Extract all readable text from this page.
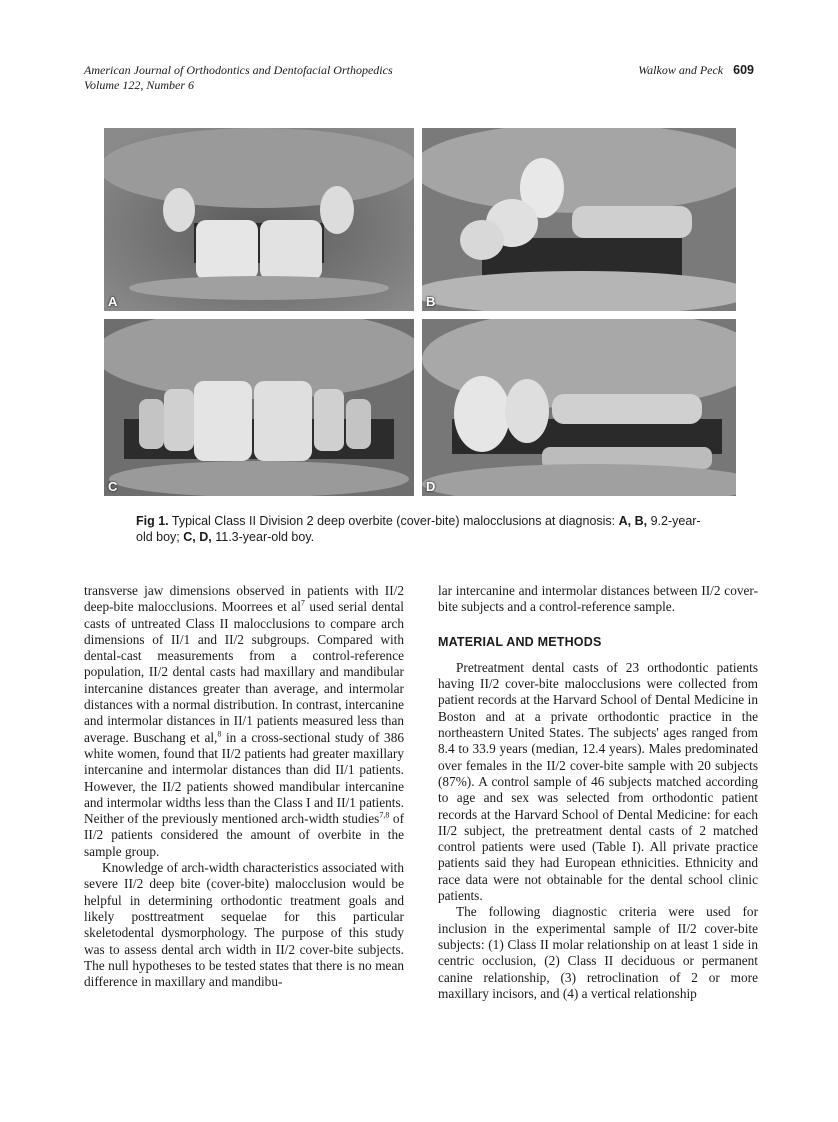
American Journal of Orthodontics and Dentofacial Orthopedics
Volume 122, Number 6
Walkow and Peck 609
A	B
C	D
Fig 1. Typical Class II Division 2 deep overbite (cover-bite) malocclusions at diagnosis: A, B, 9.2-year-old boy; C, D, 11.3-year-old boy.

transverse jaw dimensions observed in patients with II/2 deep-bite malocclusions. Moorrees et $al^7$ used serial dental casts of untreated Class II malocclusions to compare arch dimensions of II/1 and II/2 subgroups. Compared with dental-cast measurements from a control-reference population, II/2 dental casts had maxillary and mandibular intercanine distances greater than average, and intermolar distances with a normal distribution. In contrast, intercanine and intermolar distances in II/1 patients measured less than average. Buschang et al,$^8$ in a cross-sectional study of 386 white women, found that II/2 patients had greater maxillary intercanine and intermolar distances than did II/1 patients. However, the II/2 patients showed mandibular intercanine and intermolar widths less than the Class I and II/1 patients. Neither of the previously mentioned arch-width studies$^{7,8}$ of II/2 patients considered the amount of overbite in the sample group.

Knowledge of arch-width characteristics associated with severe II/2 deep bite (cover-bite) malocclusion would be helpful in determining orthodontic treatment goals and likely posttreatment sequelae for this particular skeletodental dysmorphology. The purpose of this study was to assess dental arch width in II/2 cover-bite subjects. The null hypotheses to be tested states that there is no mean difference in maxillary and mandibu-

lar intercanine and intermolar distances between II/2 cover-bite subjects and a control-reference sample.

MATERIAL AND METHODS

Pretreatment dental casts of 23 orthodontic patients having II/2 cover-bite malocclusions were collected from patient records at the Harvard School of Dental Medicine in Boston and at a private orthodontic practice in the northeastern United States. The subjects' ages ranged from 8.4 to 33.9 years (median, 12.4 years). Males predominated over females in the II/2 cover-bite sample with 20 subjects (87%). A control sample of 46 subjects matched according to age and sex was selected from orthodontic patient records at the Harvard School of Dental Medicine: for each II/2 subject, the pretreatment dental casts of 2 matched control patients were used (Table I). All private practice patients said they had European ethnicities. Ethnicity and race data were not obtainable for the dental school clinic patients.

The following diagnostic criteria were used for inclusion in the experimental sample of II/2 cover-bite subjects: (1) Class II molar relationship on at least 1 side in centric occlusion, (2) Class II deciduous or permanent canine relationship, (3) retroclination of 2 or more maxillary incisors, and (4) a vertical relationship
